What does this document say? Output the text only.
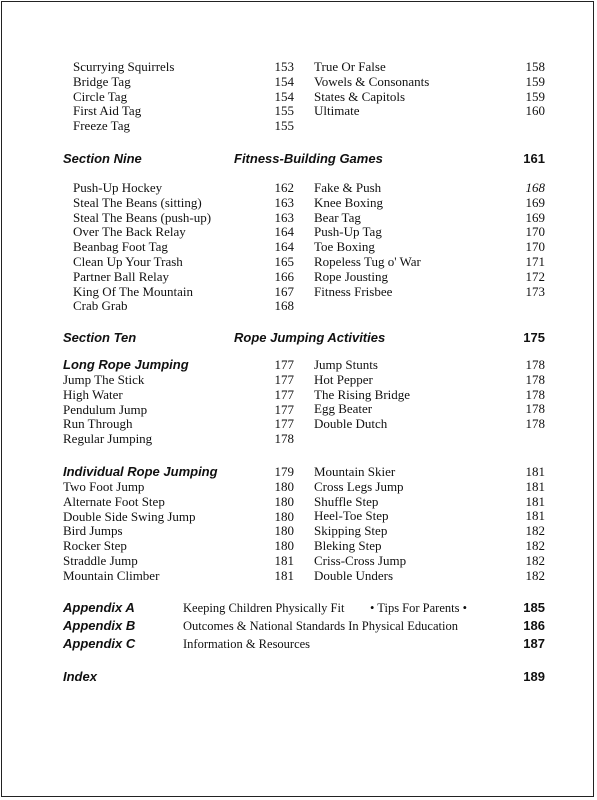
Scurrying Squirrels	153 True Or False	158
Bridge Tag	154 Vowels & Consonants	159
Circle Tag	154 States & Capitols	159
First Aid Tag	155 Ultimate	160
Freeze Tag	155
Section Nine	Fitness-Building Games	161
Push-Up Hockey	162 Fake & Push	168
Steal The Beans (sitting)	163 Knee Boxing	169
Steal The Beans (push-up)	163 Bear Tag	169
Over The Back Relay	164 Push-Up Tag	170
Beanbag Foot Tag	164 Toe Boxing	170
Clean Up Your Trash	165 Ropeless Tug o' War	171
Partner Ball Relay	166 Rope Jousting	172
King Of The Mountain	167 Fitness Frisbee	173
Crab Grab	168
Section Ten	Rope Jumping Activities	175
Long Rope Jumping	177
Jump The Stick	177
High Water	177
Pendulum Jump	177
Run Through	177
Regular Jumping	178
Jump Stunts	178
Hot Pepper	178
The Rising Bridge	178
Egg Beater	178
Double Dutch	178
Individual Rope Jumping	179
Two Foot Jump	180
Alternate Foot Step	180
Double Side Swing Jump	180
Bird Jumps	180
Rocker Step	180
Straddle Jump	181
Mountain Climber	181
Mountain Skier	181
Cross Legs Jump	181
Shuffle Step	181
Heel-Toe Step	181
Skipping Step	182
Bleking Step	182
Criss-Cross Jump	182
Double Unders	182
Appendix A	Keeping Children Physically Fit • Tips For Parents •	185
Appendix B	Outcomes & National Standards In Physical Education	186
Appendix C	Information & Resources	187
Index	189
